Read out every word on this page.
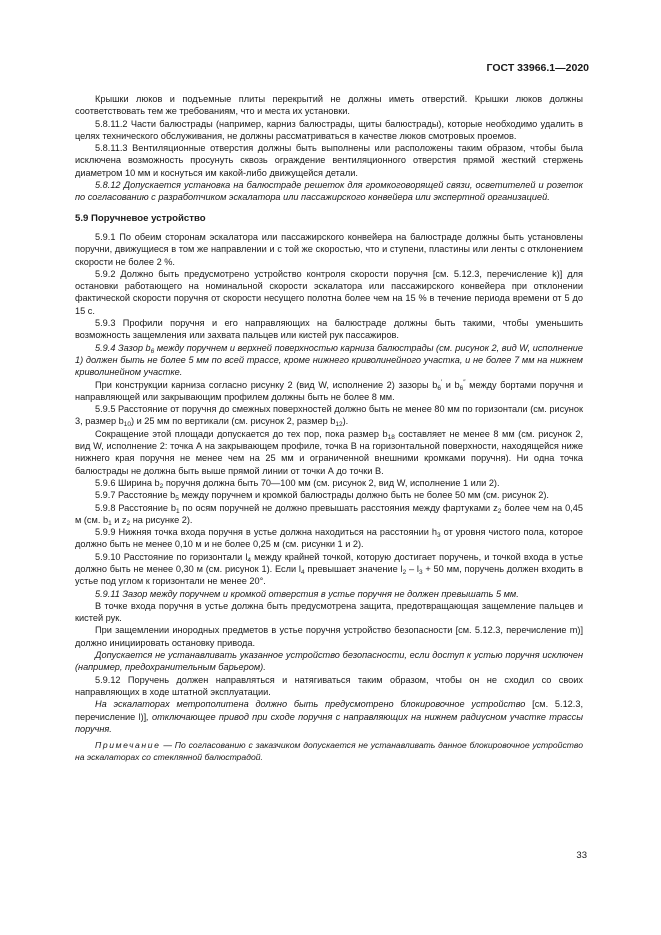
ГОСТ 33966.1—2020

Крышки люков и подъемные плиты перекрытий не должны иметь отверстий. Крышки люков должны соответствовать тем же требованиям, что и места их установки.

5.8.11.2 Части балюстрады (например, карниз балюстрады, щиты балюстрады), которые необходимо удалить в целях технического обслуживания, не должны рассматриваться в качестве люков смотровых проемов.

5.8.11.3 Вентиляционные отверстия должны быть выполнены или расположены таким образом, чтобы была исключена возможность просунуть сквозь ограждение вентиляционного отверстия прямой жесткий стержень диаметром 10 мм и коснуться им какой-либо движущейся детали.

5.8.12 Допускается установка на балюстраде решеток для громкоговорящей связи, осветителей и розеток по согласованию с разработчиком эскалатора или пассажирского конвейера или экспертной организацией.

5.9 Поручневое устройство

5.9.1 По обеим сторонам эскалатора или пассажирского конвейера на балюстраде должны быть установлены поручни, движущиеся в том же направлении и с той же скоростью, что и ступени, пластины или ленты с отклонением скорости не более 2 %.

5.9.2 Должно быть предусмотрено устройство контроля скорости поручня [см. 5.12.3, перечисление k)] для остановки работающего на номинальной скорости эскалатора или пассажирского конвейера при отклонении фактической скорости поручня от скорости несущего полотна более чем на 15 % в течение периода времени от 5 до 15 с.

5.9.3 Профили поручня и его направляющих на балюстраде должны быть такими, чтобы уменьшить возможность защемления или захвата пальцев или кистей рук пассажиров.

5.9.4 Зазор $b_6$ между поручнем и верхней поверхностью карниза балюстрады (см. рисунок 2, вид W, исполнение 1) должен быть не более 5 мм по всей трассе, кроме нижнего криволинейного участка, и не более 7 мм на нижнем криволинейном участке.

При конструкции карниза согласно рисунку 2 (вид W, исполнение 2) зазоры $b_6'$ и $b_6''$ между бортами поручня и направляющей или закрывающим профилем должны быть не более 8 мм.

5.9.5 Расстояние от поручня до смежных поверхностей должно быть не менее 80 мм по горизонтали (см. рисунок 3, размер $b_{10}$) и 25 мм по вертикали (см. рисунок 2, размер $b_{12}$).

Сокращение этой площади допускается до тех пор, пока размер $b_{18}$ составляет не менее 8 мм (см. рисунок 2, вид W, исполнение 2: точка А на закрывающем профиле, точка В на горизонтальной поверхности, находящейся ниже нижнего края поручня не менее чем на 25 мм и ограниченной внешними кромками поручня). Ни одна точка балюстрады не должна быть выше прямой линии от точки А до точки В.

5.9.6 Ширина $b_2$ поручня должна быть 70—100 мм (см. рисунок 2, вид W, исполнение 1 или 2).

5.9.7 Расстояние $b_5$ между поручнем и кромкой балюстрады должно быть не более 50 мм (см. рисунок 2).

5.9.8 Расстояние $b_1$ по осям поручней не должно превышать расстояния между фартуками $z_2$ более чем на 0,45 м (см. $b_1$ и $z_2$ на рисунке 2).

5.9.9 Нижняя точка входа поручня в устье должна находиться на расстоянии $h_3$ от уровня чистого пола, которое должно быть не менее 0,10 м и не более 0,25 м (см. рисунки 1 и 2).

5.9.10 Расстояние по горизонтали $l_4$ между крайней точкой, которую достигает поручень, и точкой входа в устье должно быть не менее 0,30 м (см. рисунок 1). Если $l_4$ превышает значение $l_2 - l_3 + 50$ мм, поручень должен входить в устье под углом к горизонтали не менее 20°.

5.9.11 Зазор между поручнем и кромкой отверстия в устье поручня не должен превышать 5 мм.

В точке входа поручня в устье должна быть предусмотрена защита, предотвращающая защемление пальцев и кистей рук.

При защемлении инородных предметов в устье поручня устройство безопасности [см. 5.12.3, перечисление m)] должно инициировать остановку привода.

Допускается не устанавливать указанное устройство безопасности, если доступ к устью поручня исключен (например, предохранительным барьером).

5.9.12 Поручень должен направляться и натягиваться таким образом, чтобы он не сходил со своих направляющих в ходе штатной эксплуатации.

На эскалаторах метрополитена должно быть предусмотрено блокировочное устройство [см. 5.12.3, перечисление l)], отключающее привод при сходе поручня с направляющих на нижнем радиусном участке трассы поручня.

Примечание — По согласованию с заказчиком допускается не устанавливать данное блокировочное устройство на эскалаторах со стеклянной балюстрадой.

33
